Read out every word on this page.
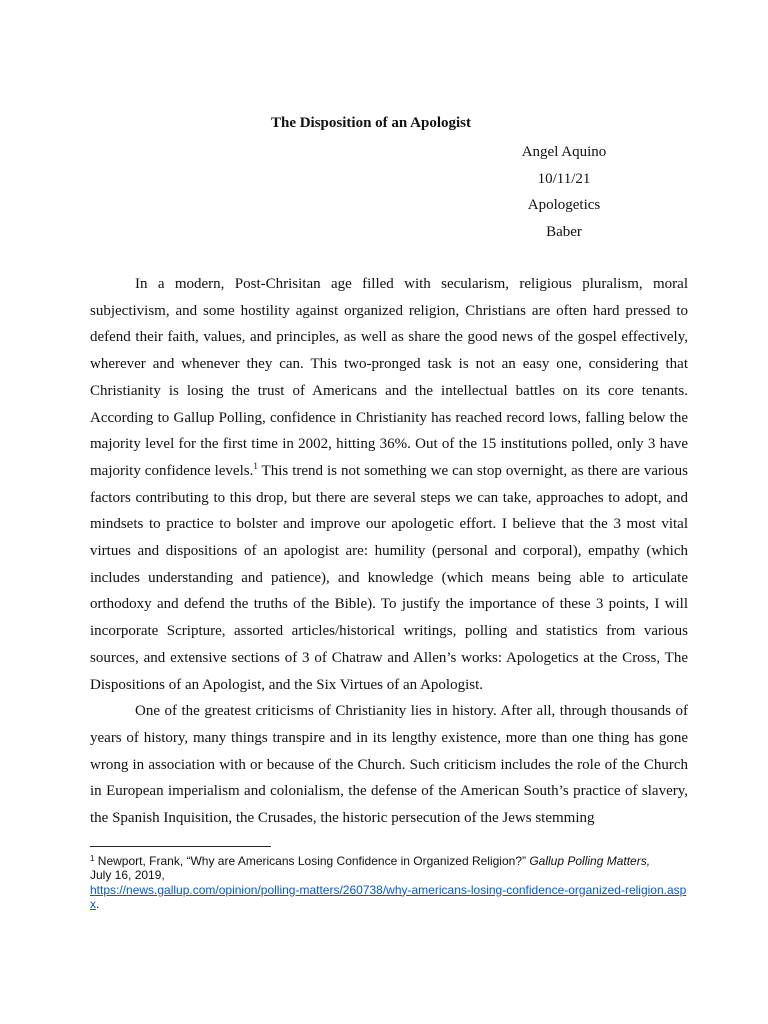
The Disposition of an Apologist
Angel Aquino
10/11/21
Apologetics
Baber

In a modern, Post-Chrisitan age filled with secularism, religious pluralism, moral subjectivism, and some hostility against organized religion, Christians are often hard pressed to defend their faith, values, and principles, as well as share the good news of the gospel effectively, wherever and whenever they can. This two-pronged task is not an easy one, considering that Christianity is losing the trust of Americans and the intellectual battles on its core tenants. According to Gallup Polling, confidence in Christianity has reached record lows, falling below the majority level for the first time in 2002, hitting 36%. Out of the 15 institutions polled, only 3 have majority confidence levels.$^1$ This trend is not something we can stop overnight, as there are various factors contributing to this drop, but there are several steps we can take, approaches to adopt, and mindsets to practice to bolster and improve our apologetic effort. I believe that the 3 most vital virtues and dispositions of an apologist are: humility (personal and corporal), empathy (which includes understanding and patience), and knowledge (which means being able to articulate orthodoxy and defend the truths of the Bible). To justify the importance of these 3 points, I will incorporate Scripture, assorted articles/historical writings, polling and statistics from various sources, and extensive sections of 3 of Chatraw and Allen’s works: Apologetics at the Cross, The Dispositions of an Apologist, and the Six Virtues of an Apologist.

One of the greatest criticisms of Christianity lies in history. After all, through thousands of years of history, many things transpire and in its lengthy existence, more than one thing has gone wrong in association with or because of the Church. Such criticism includes the role of the Church in European imperialism and colonialism, the defense of the American South’s practice of slavery, the Spanish Inquisition, the Crusades, the historic persecution of the Jews stemming

$^1$ Newport, Frank, “Why are Americans Losing Confidence in Organized Religion?” Gallup Polling Matters,
July 16, 2019,
https://news.gallup.com/opinion/polling-matters/260738/why-americans-losing-confidence-organized-religion.aspx.
